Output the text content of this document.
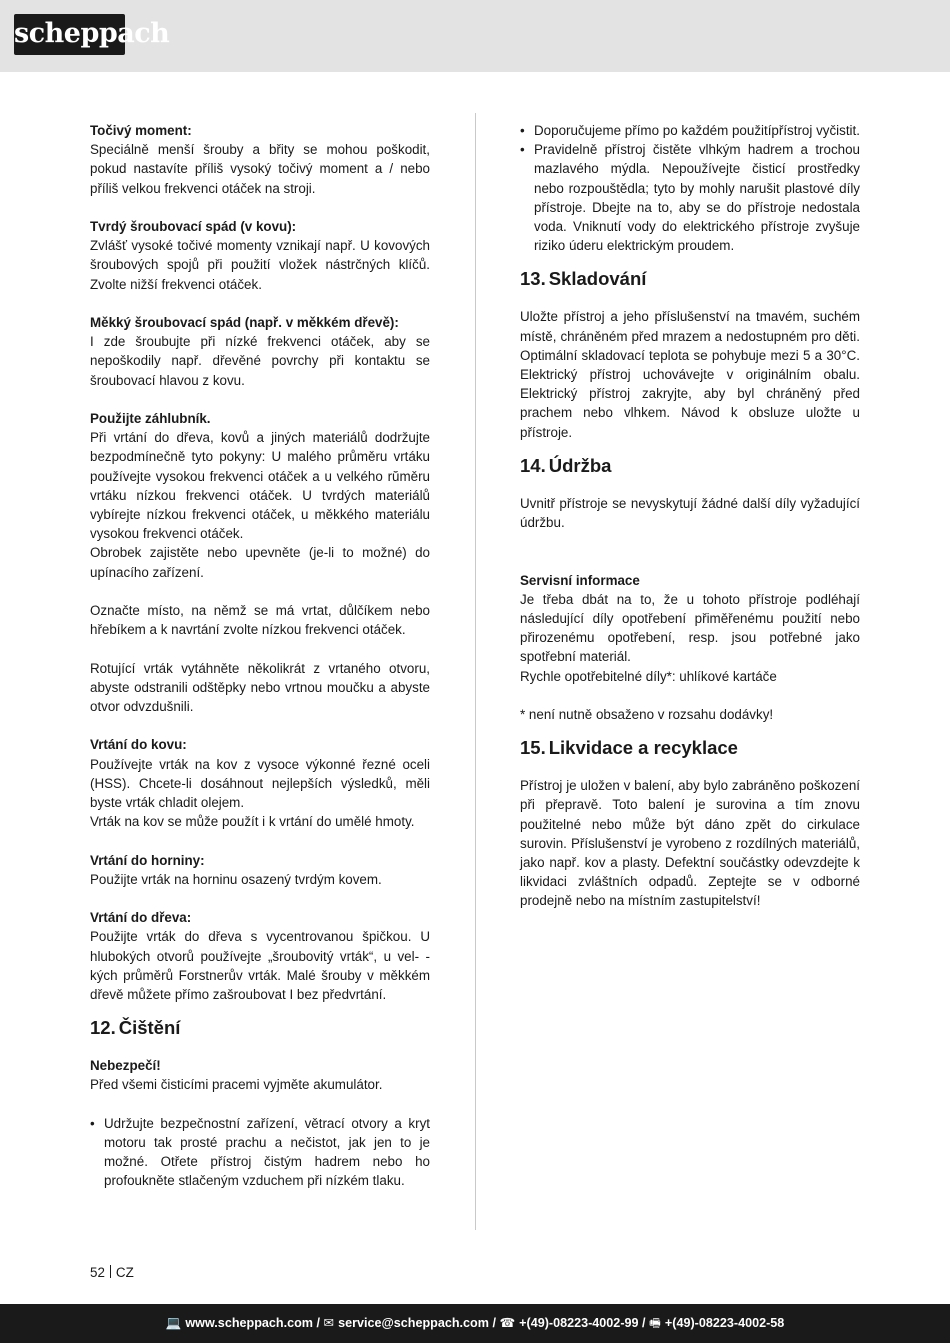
scheppach

Točivý moment:

Speciálně menší šrouby a břity se mohou poškodit, pokud nastavíte příliš vysoký točivý moment a / nebo příliš velkou frekvenci otáček na stroji.

Tvrdý šroubovací spád (v kovu):

Zvlášť vysoké točivé momenty vznikají např. U kovových šroubových spojů při použití vložek nástrčných klíčů. Zvolte nižší frekvenci otáček.

Měkký šroubovací spád (např. v měkkém dřevě):

I zde šroubujte při nízké frekvenci otáček, aby se nepoškodily např. dřevěné povrchy při kontaktu se šroubovací hlavou z kovu.

Použijte záhlubník.

Při vrtání do dřeva, kovů a jiných materiálů dodržujte bezpodmínečně tyto pokyny: U malého průměru vrtáku používejte vysokou frekvenci otáček a u velkého rŭměru vrtáku nízkou frekvenci otáček. U tvrdých materiálů vybírejte nízkou frekvenci otáček, u měkkého materiálu vysokou frekvenci otáček.

Obrobek zajistěte nebo upevněte (je-li to možné) do upínacího zařízení.

Označte místo, na němž se má vrtat, důlčíkem nebo hřebíkem a k navrtání zvolte nízkou frekvenci otáček.

Rotující vrták vytáhněte několikrát z vrtaného otvoru, abyste odstranili odštěpky nebo vrtnou moučku a abyste otvor odvzdušnili.

Vrtání do kovu:

Používejte vrták na kov z vysoce výkonné řezné oceli (HSS). Chcete-li dosáhnout nejlepších výsledků, měli byste vrták chladit olejem.

Vrták na kov se může použít i k vrtání do umělé hmoty.

Vrtání do horniny:

Použijte vrták na horninu osazený tvrdým kovem.

Vrtání do dřeva:

Použijte vrták do dřeva s vycentrovanou špičkou. U hlubokých otvorů používejte „šroubovitý vrták“, u vel- -kých průměrů Forstnerův vrták. Malé šrouby v měkkém dřevě můžete přímo zašroubovat I bez předvrtání.

12. Čištění

Nebezpečí!

Před všemi čisticími pracemi vyjměte akumulátor.

• Udržujte bezpečnostní zařízení, větrací otvory a kryt motoru tak prosté prachu a nečistot, jak jen to je možné. Otřete přístroj čistým hadrem nebo ho profoukněte stlačeným vzduchem při nízkém tlaku.
• Doporučujeme přímo po každém použitípřístroj vyčistit.
• Pravidelně přístroj čistěte vlhkým hadrem a trochou mazlavého mýdla. Nepoužívejte čisticí prostředky nebo rozpouštědla; tyto by mohly narušit plastové díly přístroje. Dbejte na to, aby se do přístroje nedostala voda. Vniknutí vody do elektrického přístroje zvyšuje riziko úderu elektrickým proudem.
13. Skladování

Uložte přístroj a jeho příslušenství na tmavém, suchém místě, chráněném před mrazem a nedostupném pro děti. Optimální skladovací teplota se pohybuje mezi 5 a 30°C. Elektrický přístroj uchovávejte v originálním obalu. Elektrický přístroj zakryjte, aby byl chráněný před prachem nebo vlhkem. Návod k obsluze uložte u přístroje.

14. Údržba

Uvnitř přístroje se nevyskytují žádné další díly vyžadující údržbu.

Servisní informace

Je třeba dbát na to, že u tohoto přístroje podléhají následující díly opotřebení přiměřenému použití nebo přirozenému opotřebení, resp. jsou potřebné jako spotřební materiál.

Rychle opotřebitelné díly*: uhlíkové kartáče

* není nutně obsaženo v rozsahu dodávky!

15. Likvidace a recyklace

Přístroj je uložen v balení, aby bylo zabráněno poškození při přepravě. Toto balení je surovina a tím znovu použitelné nebo může být dáno zpět do cirkulace surovin. Příslušenství je vyrobeno z rozdílných materiálů, jako např. kov a plasty. Defektní součástky odevzdejte k likvidaci zvláštních odpadů. Zeptejte se v odborné prodejně nebo na místním zastupitelství!

52 CZ
💻 www.scheppach.com / ✉ service@scheppach.com / ☎ +(49)-08223-4002-99 / 🖷 +(49)-08223-4002-58
